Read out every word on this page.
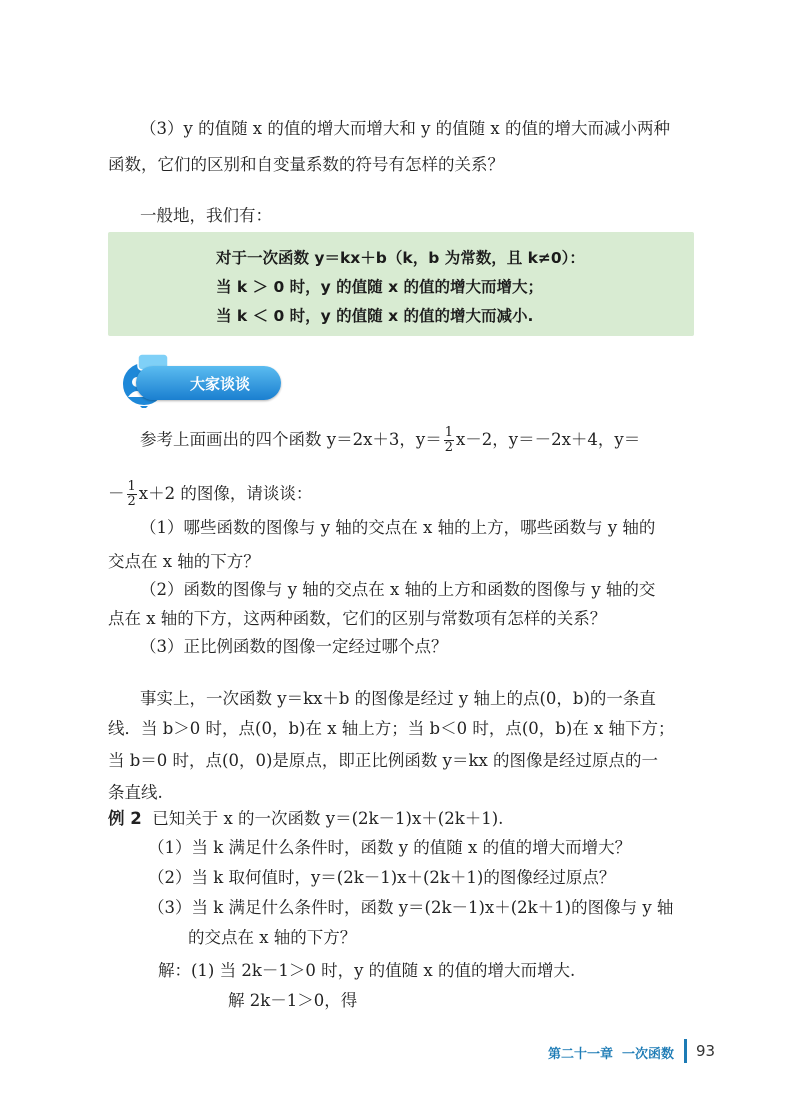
（3）y 的值随 x 的值的增大而增大和 y 的值随 x 的值的增大而减小两种
函数，它们的区别和自变量系数的符号有怎样的关系？
一般地，我们有：
对于一次函数 y＝kx＋b（k，b 为常数，且 k≠0）：
当 k ＞ 0 时，y 的值随 x 的值的增大而增大；
当 k ＜ 0 时，y 的值随 x 的值的增大而减小.
大家谈谈
参考上面画出的四个函数 y＝2x＋3，$y= \frac{1}{2} x-2$，y＝－2x＋4，y＝
－ $\frac{1}{2} x+2$ 的图像，请谈谈：
（1）哪些函数的图像与 y 轴的交点在 x 轴的上方，哪些函数与 y 轴的
交点在 x 轴的下方？
（2）函数的图像与 y 轴的交点在 x 轴的上方和函数的图像与 y 轴的交
点在 x 轴的下方，这两种函数，它们的区别与常数项有怎样的关系？
（3）正比例函数的图像一定经过哪个点？
事实上，一次函数 y＝kx＋b 的图像是经过 y 轴上的点(0，b)的一条直
线．当 b＞0 时，点(0，b)在 x 轴上方；当 b＜0 时，点(0，b)在 x 轴下方；
当 b＝0 时，点(0，0)是原点，即正比例函数 y＝kx 的图像是经过原点的一
条直线.
例 2 已知关于 x 的一次函数 y＝(2k－1)x＋(2k＋1).
（1）当 k 满足什么条件时，函数 y 的值随 x 的值的增大而增大？
（2）当 k 取何值时，y＝(2k－1)x＋(2k＋1)的图像经过原点？
（3）当 k 满足什么条件时，函数 y＝(2k－1)x＋(2k＋1)的图像与 y 轴
的交点在 x 轴的下方？
解：(1) 当 2k－1＞0 时，y 的值随 x 的值的增大而增大.
解 2k－1＞0，得
第二十一章 一次函数 93
